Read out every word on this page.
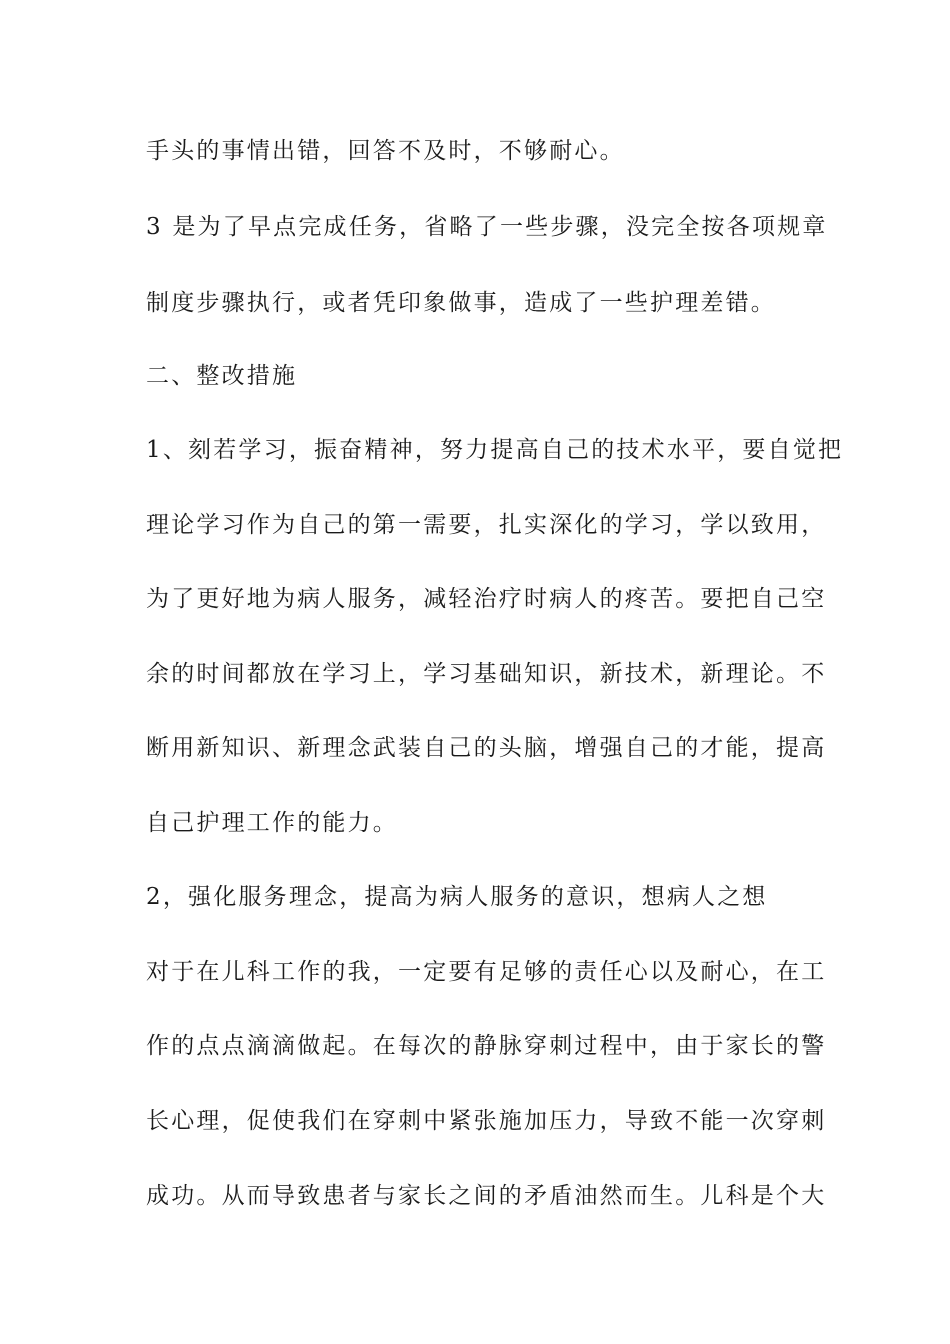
手头的事情出错，回答不及时，不够耐心。
3 是为了早点完成任务，省略了一些步骤，没完全按各项规章
制度步骤执行，或者凭印象做事，造成了一些护理差错。
二、整改措施
1、刻若学习，振奋精神，努力提高自己的技术水平，要自觉把
理论学习作为自己的第一需要，扎实深化的学习，学以致用，
为了更好地为病人服务，减轻治疗时病人的疼苦。要把自己空
余的时间都放在学习上，学习基础知识，新技术，新理论。不
断用新知识、新理念武装自己的头脑，增强自己的才能，提高
自己护理工作的能力。
2，强化服务理念，提高为病人服务的意识，想病人之想
对于在儿科工作的我，一定要有足够的责任心以及耐心，在工
作的点点滴滴做起。在每次的静脉穿刺过程中，由于家长的警
长心理，促使我们在穿刺中紧张施加压力，导致不能一次穿刺
成功。从而导致患者与家长之间的矛盾油然而生。儿科是个大
